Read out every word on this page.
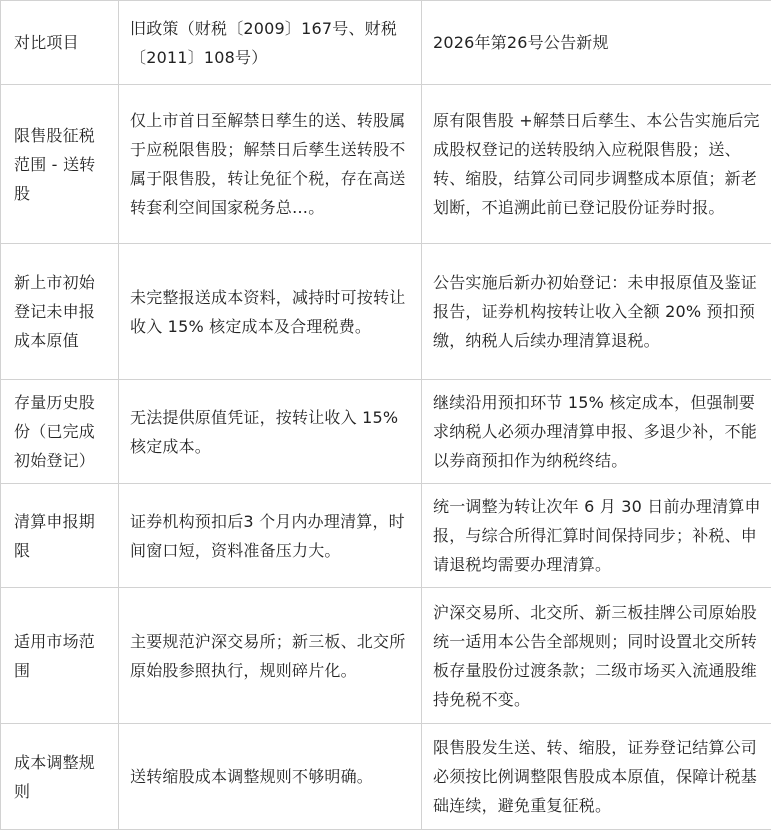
对比项目	旧政策（财税〔2009〕167号、财税〔2011〕108号）	2026年第26号公告新规
限售股征税范围 - 送转股	仅上市首日至解禁日孳生的送、转股属于应税限售股；解禁日后孳生送转股不属于限售股，转让免征个税，存在高送转套利空间国家税务总…。	原有限售股 +解禁日后孳生、本公告实施后完成股权登记的送转股纳入应税限售股；送、转、缩股，结算公司同步调整成本原值；新老划断，不追溯此前已登记股份证券时报。
新上市初始登记未申报成本原值	未完整报送成本资料，减持时可按转让收入 15% 核定成本及合理税费。	公告实施后新办初始登记：未申报原值及鉴证报告，证券机构按转让收入全额 20% 预扣预缴，纳税人后续办理清算退税。
存量历史股份（已完成初始登记）	无法提供原值凭证，按转让收入 15% 核定成本。	继续沿用预扣环节 15% 核定成本，但强制要求纳税人必须办理清算申报、多退少补，不能以券商预扣作为纳税终结。
清算申报期限	证券机构预扣后3 个月内办理清算，时间窗口短，资料准备压力大。	统一调整为转让次年 6 月 30 日前办理清算申报，与综合所得汇算时间保持同步；补税、申请退税均需要办理清算。
适用市场范围	主要规范沪深交易所；新三板、北交所原始股参照执行，规则碎片化。	沪深交易所、北交所、新三板挂牌公司原始股统一适用本公告全部规则；同时设置北交所转板存量股份过渡条款；二级市场买入流通股维持免税不变。
成本调整规则	送转缩股成本调整规则不够明确。	限售股发生送、转、缩股，证券登记结算公司必须按比例调整限售股成本原值，保障计税基础连续，避免重复征税。
